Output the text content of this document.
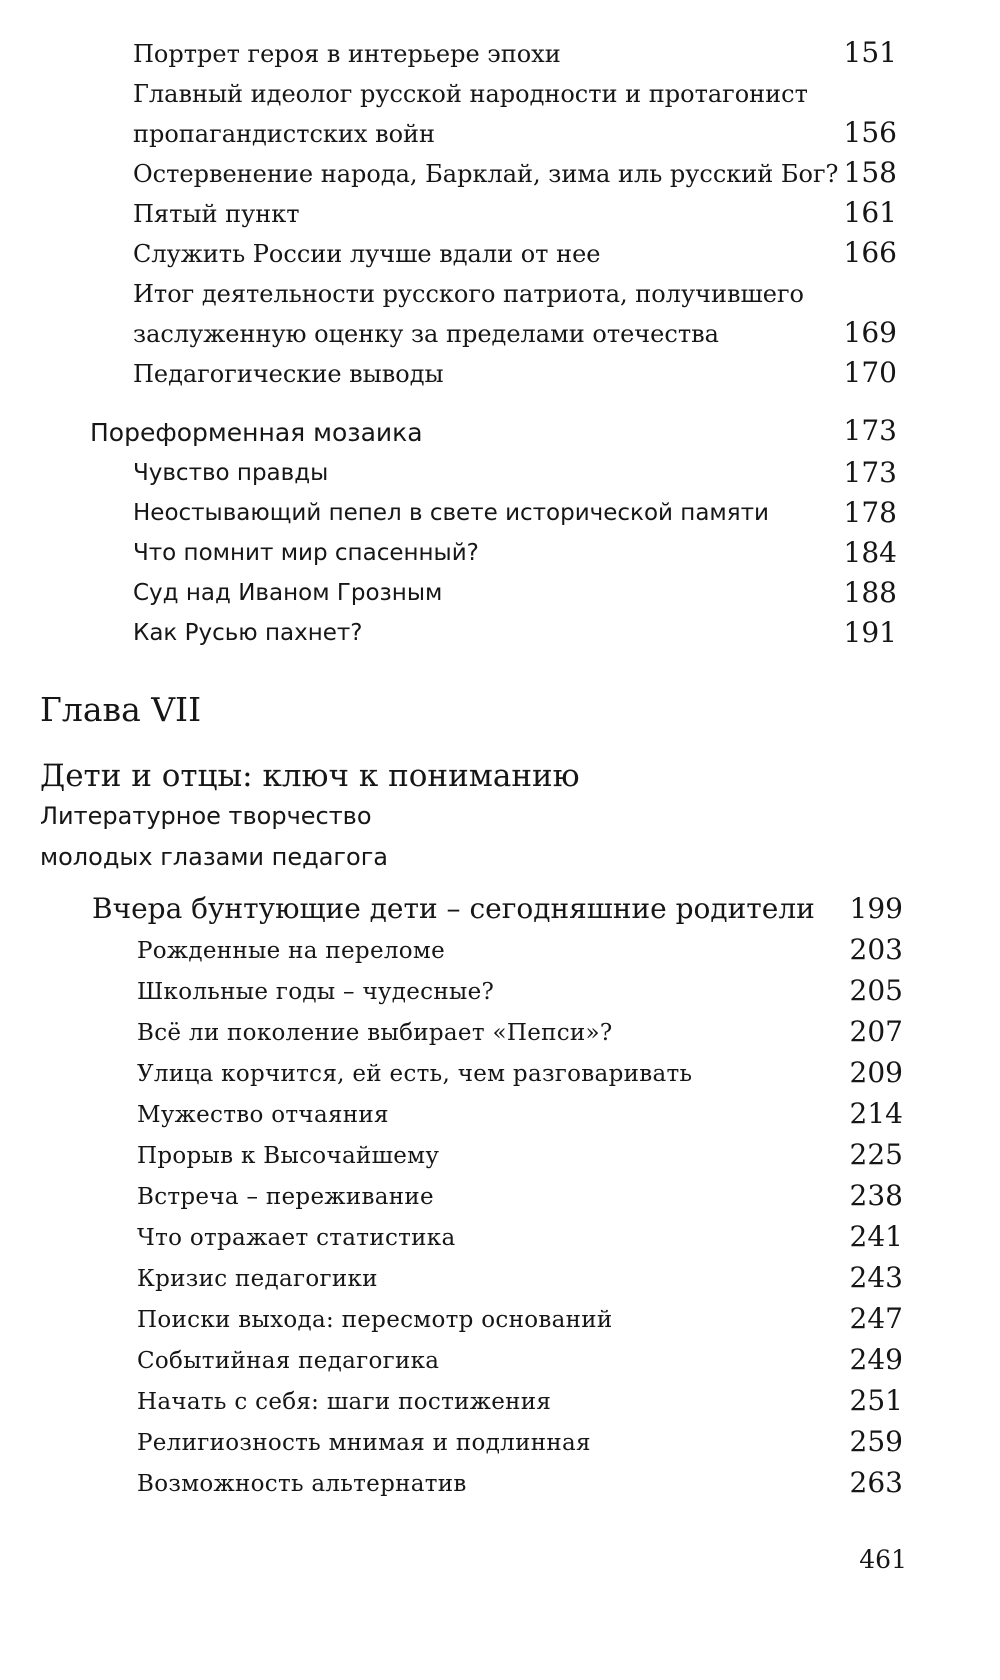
Портрет героя в интерьере эпохи	151
Главный идеолог русской народности и протагонист
пропагандистских войн	156
Остервенение народа, Барклай, зима иль русский Бог? 158
Пятый пункт	161
Служить России лучше вдали от нее	166
Итог деятельности русского патриота, получившего
заслуженную оценку за пределами отечества	169
Педагогические выводы	170
Пореформенная мозаика	173
Чувство правды	173
Неостывающий пепел в свете исторической памяти	178
Что помнит мир спасенный?	184
Суд над Иваном Грозным	188
Как Русью пахнет?	191
Глава VII
Дети и отцы: ключ к пониманию
Литературное творчество
молодых глазами педагога
Вчера бунтующие дети – сегодняшние родители 199
Рожденные на переломе	203
Школьные годы – чудесные?	205
Всё ли поколение выбирает «Пепси»?	207
Улица корчится, ей есть, чем разговаривать	209
Мужество отчаяния	214
Прорыв к Высочайшему	225
Встреча – переживание	238
Что отражает статистика	241
Кризис педагогики	243
Поиски выхода: пересмотр оснований	247
Событийная педагогика	249
Начать с себя: шаги постижения	251
Религиозность мнимая и подлинная	259
Возможность альтернатив	263
461
